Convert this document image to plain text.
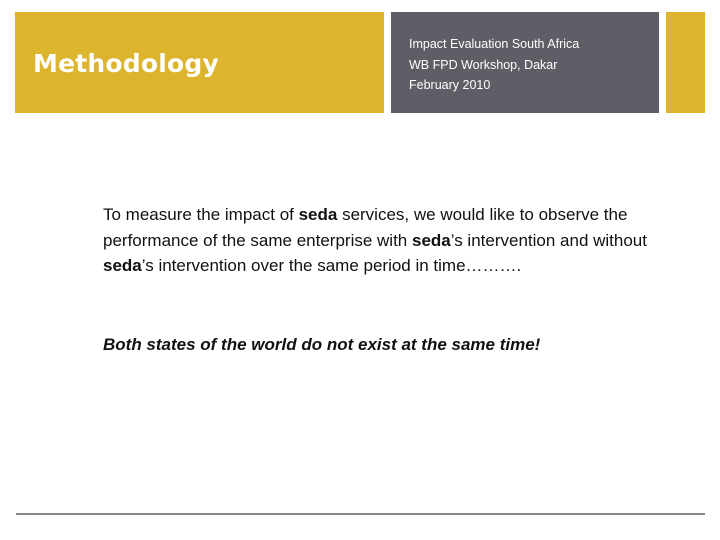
Methodology
Impact Evaluation South Africa
WB FPD Workshop, Dakar
February 2010

To measure the impact of seda services, we would like to observe the performance of the same enterprise with seda’s intervention and without seda’s intervention over the same period in time……….

Both states of the world do not exist at the same time!
